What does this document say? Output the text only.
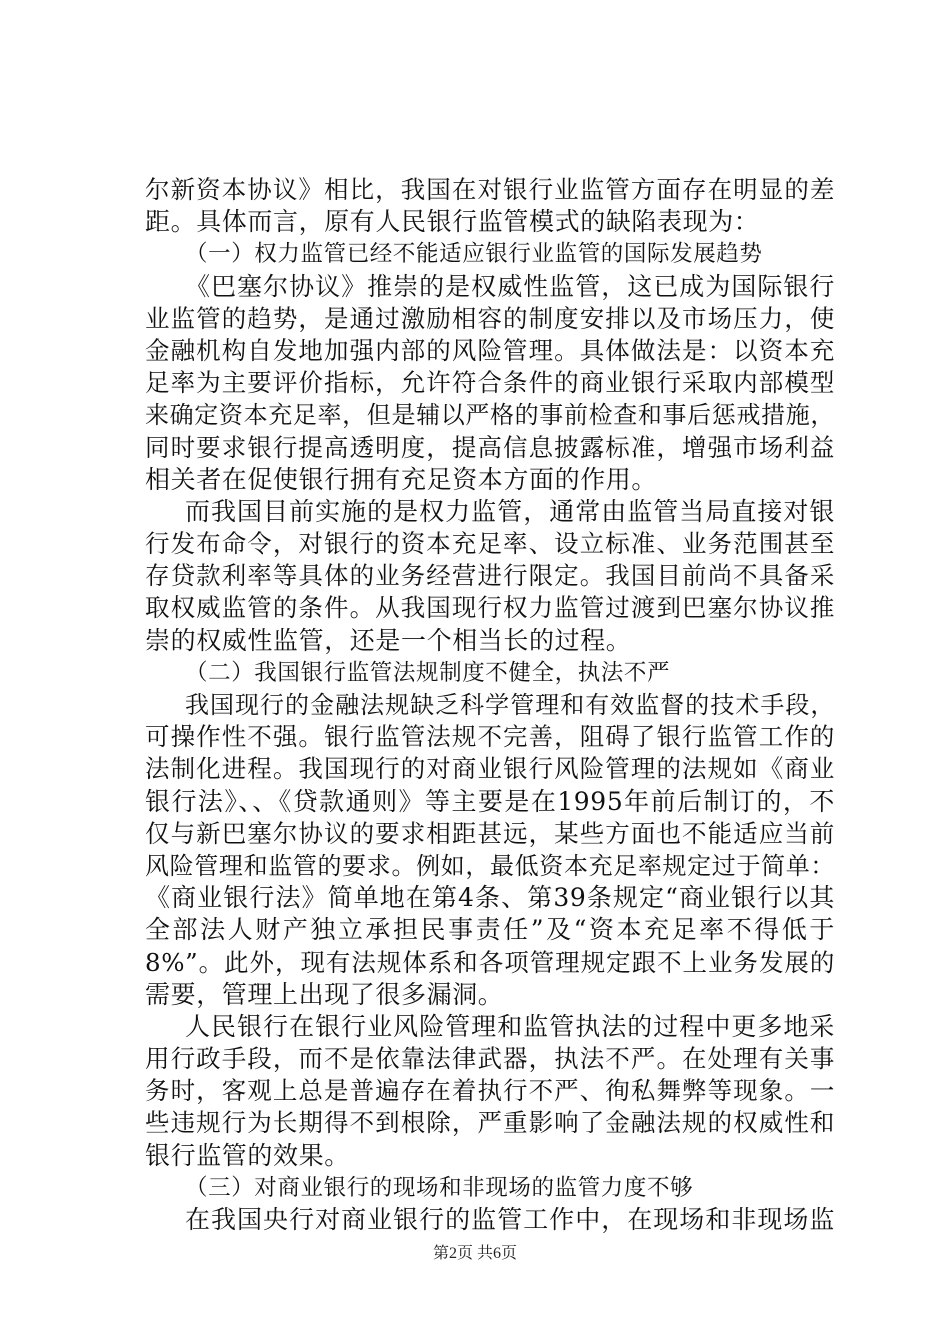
尔新资本协议》相比，我国在对银行业监管方面存在明显的差
距。具体而言，原有人民银行监管模式的缺陷表现为：
（一）权力监管已经不能适应银行业监管的国际发展趋势
《巴塞尔协议》推崇的是权威性监管，这已成为国际银行
业监管的趋势，是通过激励相容的制度安排以及市场压力，使
金融机构自发地加强内部的风险管理。具体做法是：以资本充
足率为主要评价指标，允许符合条件的商业银行采取内部模型
来确定资本充足率，但是辅以严格的事前检查和事后惩戒措施，
同时要求银行提高透明度，提高信息披露标准，增强市场利益
相关者在促使银行拥有充足资本方面的作用。
而我国目前实施的是权力监管，通常由监管当局直接对银
行发布命令，对银行的资本充足率、设立标准、业务范围甚至
存贷款利率等具体的业务经营进行限定。我国目前尚不具备采
取权威监管的条件。从我国现行权力监管过渡到巴塞尔协议推
崇的权威性监管，还是一个相当长的过程。
（二）我国银行监管法规制度不健全，执法不严
我国现行的金融法规缺乏科学管理和有效监督的技术手段，
可操作性不强。银行监管法规不完善，阻碍了银行监管工作的
法制化进程。我国现行的对商业银行风险管理的法规如《商业
银行法》、、《贷款通则》等主要是在1995年前后制订的，不
仅与新巴塞尔协议的要求相距甚远，某些方面也不能适应当前
风险管理和监管的要求。例如，最低资本充足率规定过于简单：
《商业银行法》简单地在第4条、第39条规定“商业银行以其
全部法人财产独立承担民事责任”及“资本充足率不得低于
8%”。此外，现有法规体系和各项管理规定跟不上业务发展的
需要，管理上出现了很多漏洞。
人民银行在银行业风险管理和监管执法的过程中更多地采
用行政手段，而不是依靠法律武器，执法不严。在处理有关事
务时，客观上总是普遍存在着执行不严、徇私舞弊等现象。一
些违规行为长期得不到根除，严重影响了金融法规的权威性和
银行监管的效果。
（三）对商业银行的现场和非现场的监管力度不够
在我国央行对商业银行的监管工作中，在现场和非现场监
第2页 共6页
